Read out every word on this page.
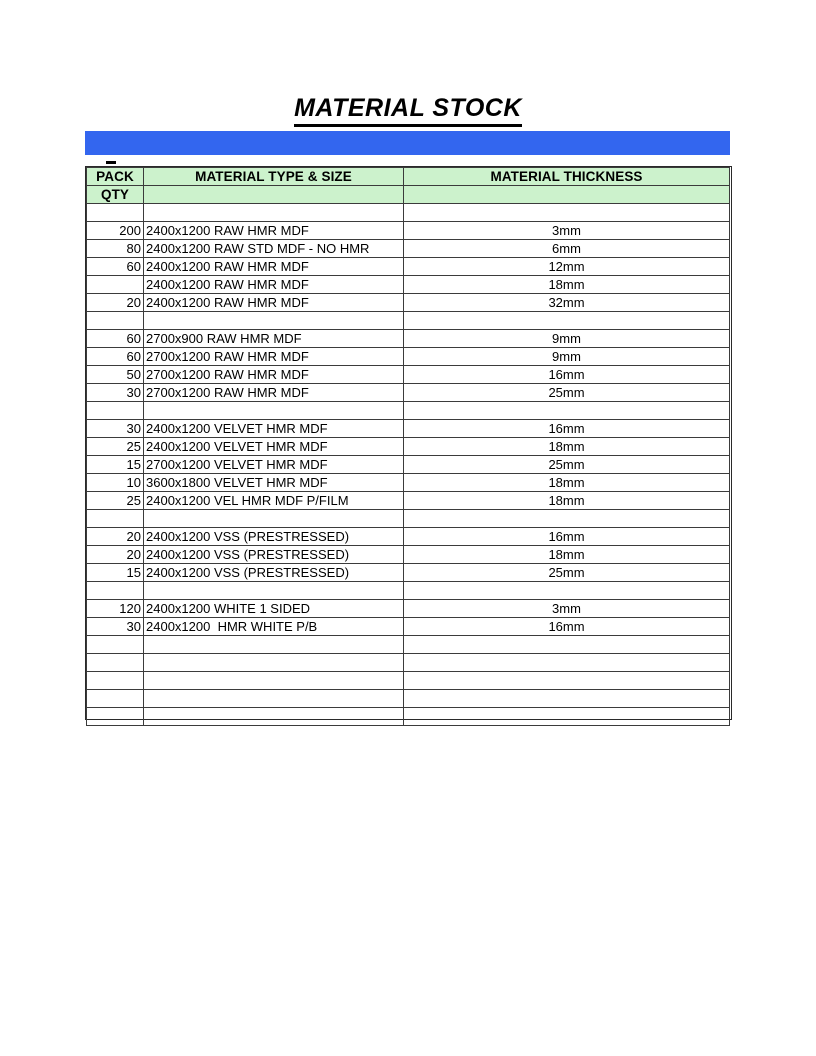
MATERIAL STOCK
PACK	MATERIAL TYPE & SIZE	MATERIAL THICKNESS
QTY		

200	2400x1200 RAW HMR MDF	3mm
80	2400x1200 RAW STD MDF - NO HMR	6mm
60	2400x1200 RAW HMR MDF	12mm
	2400x1200 RAW HMR MDF	18mm
20	2400x1200 RAW HMR MDF	32mm

60	2700x900 RAW HMR MDF	9mm
60	2700x1200 RAW HMR MDF	9mm
50	2700x1200 RAW HMR MDF	16mm
30	2700x1200 RAW HMR MDF	25mm

30	2400x1200 VELVET HMR MDF	16mm
25	2400x1200 VELVET HMR MDF	18mm
15	2700x1200 VELVET HMR MDF	25mm
10	3600x1800 VELVET HMR MDF	18mm
25	2400x1200 VEL HMR MDF P/FILM	18mm

20	2400x1200 VSS (PRESTRESSED)	16mm
20	2400x1200 VSS (PRESTRESSED)	18mm
15	2400x1200 VSS (PRESTRESSED)	25mm

120	2400x1200 WHITE 1 SIDED	3mm
30	2400x1200  HMR WHITE P/B	16mm
